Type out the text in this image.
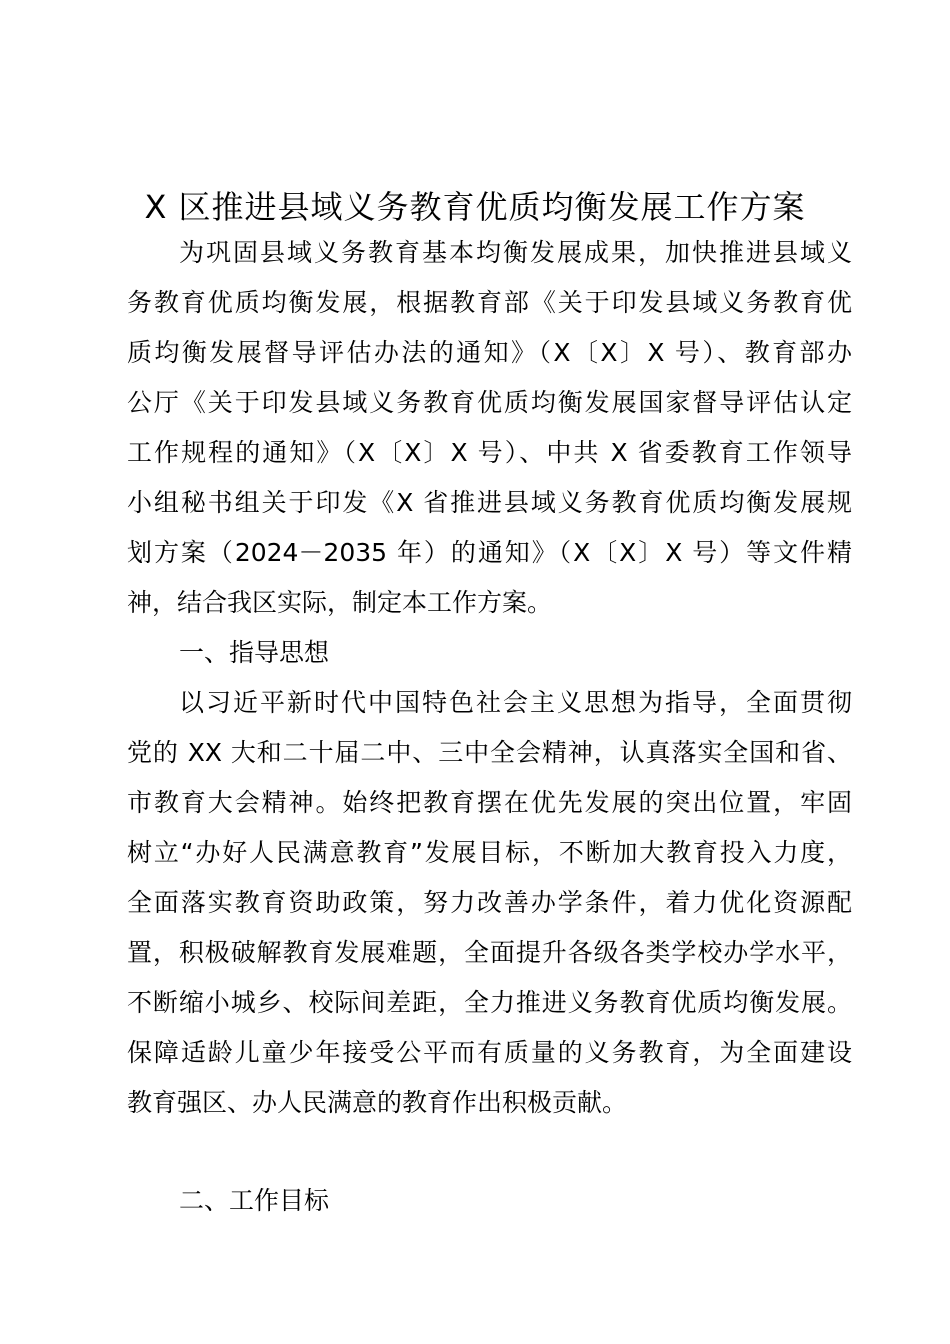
X 区推进县域义务教育优质均衡发展工作方案
为巩固县域义务教育基本均衡发展成果，加快推进县域义
务教育优质均衡发展，根据教育部《关于印发县域义务教育优
质均衡发展督导评估办法的通知》（X〔X〕X 号）、教育部办
公厅《关于印发县域义务教育优质均衡发展国家督导评估认定
工作规程的通知》（X〔X〕X 号）、中共 X 省委教育工作领导
小组秘书组关于印发《X 省推进县域义务教育优质均衡发展规
划方案（2024－2035 年）的通知》（X〔X〕X 号）等文件精
神，结合我区实际，制定本工作方案。
一、指导思想
以习近平新时代中国特色社会主义思想为指导，全面贯彻
党的 XX 大和二十届二中、三中全会精神，认真落实全国和省、
市教育大会精神。始终把教育摆在优先发展的突出位置，牢固
树立“办好人民满意教育”发展目标，不断加大教育投入力度，
全面落实教育资助政策，努力改善办学条件，着力优化资源配
置，积极破解教育发展难题，全面提升各级各类学校办学水平，
不断缩小城乡、校际间差距，全力推进义务教育优质均衡发展。
保障适龄儿童少年接受公平而有质量的义务教育，为全面建设
教育强区、办人民满意的教育作出积极贡献。
二、工作目标
